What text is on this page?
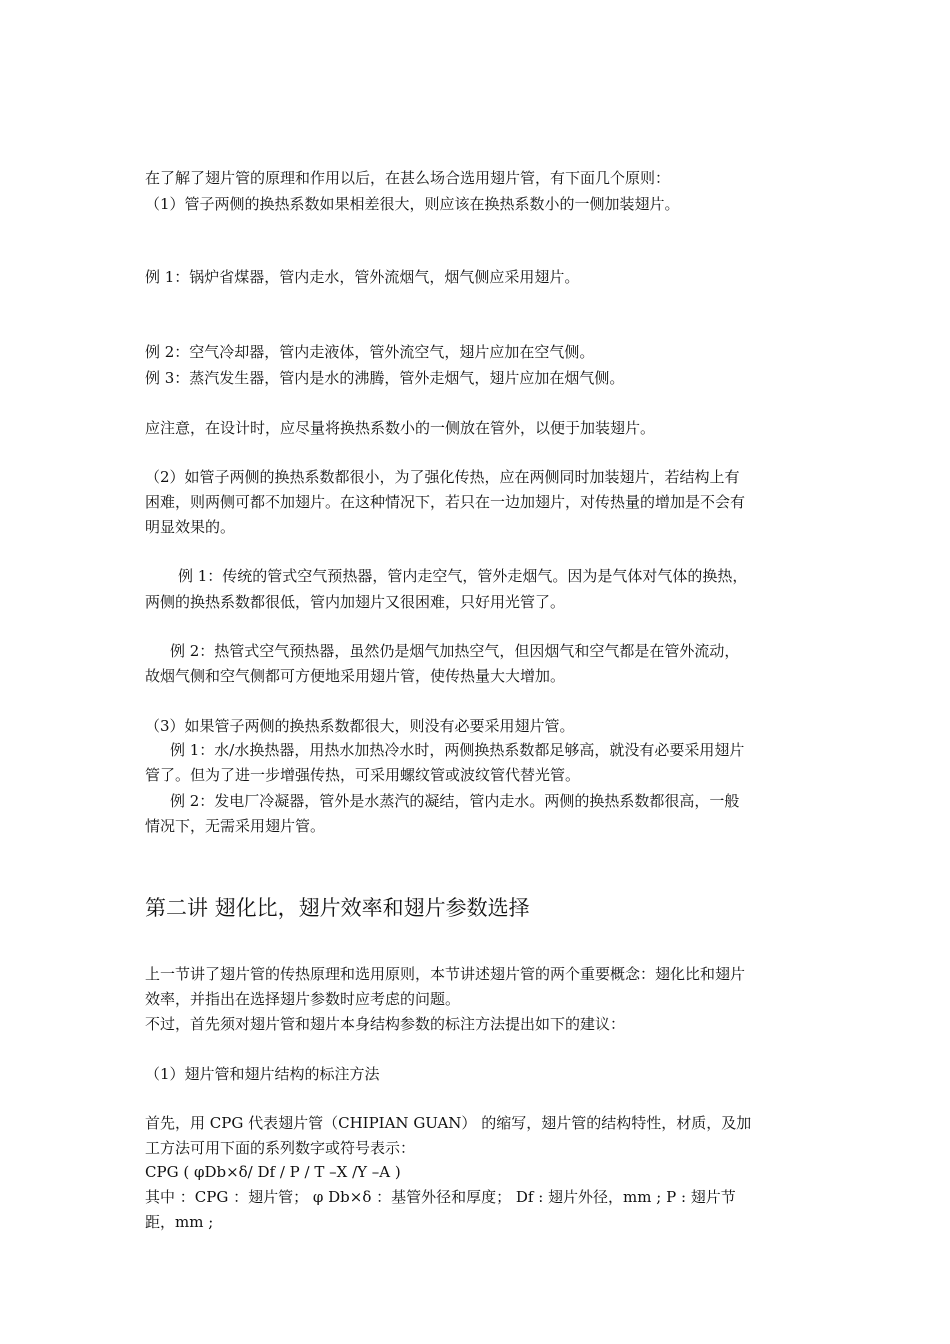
在了解了翅片管的原理和作用以后，在甚么场合选用翅片管，有下面几个原则：

（1）管子两侧的换热系数如果相差很大，则应该在换热系数小的一侧加装翅片。

例 1：锅炉省煤器，管内走水，管外流烟气，烟气侧应采用翅片。

例 2：空气冷却器，管内走液体，管外流空气，翅片应加在空气侧。

例 3：蒸汽发生器，管内是水的沸腾，管外走烟气，翅片应加在烟气侧。

应注意，在设计时，应尽量将换热系数小的一侧放在管外，以便于加装翅片。

（2）如管子两侧的换热系数都很小，为了强化传热，应在两侧同时加装翅片，若结构上有

困难，则两侧可都不加翅片。在这种情况下，若只在一边加翅片，对传热量的增加是不会有

明显效果的。

例 1：传统的管式空气预热器，管内走空气，管外走烟气。因为是气体对气体的换热，

两侧的换热系数都很低，管内加翅片又很困难，只好用光管了。

例 2：热管式空气预热器，虽然仍是烟气加热空气，但因烟气和空气都是在管外流动，

故烟气侧和空气侧都可方便地采用翅片管，使传热量大大增加。

（3）如果管子两侧的换热系数都很大，则没有必要采用翅片管。

例 1：水/水换热器，用热水加热冷水时，两侧换热系数都足够高，就没有必要采用翅片

管了。但为了进一步增强传热，可采用螺纹管或波纹管代替光管。

例 2：发电厂冷凝器，管外是水蒸汽的凝结，管内走水。两侧的换热系数都很高，一般

情况下，无需采用翅片管。

第二讲 翅化比，翅片效率和翅片参数选择

上一节讲了翅片管的传热原理和选用原则，本节讲述翅片管的两个重要概念：翅化比和翅片

效率，并指出在选择翅片参数时应考虑的问题。

不过，首先须对翅片管和翅片本身结构参数的标注方法提出如下的建议：

（1）翅片管和翅片结构的标注方法

首先，用 CPG 代表翅片管（CHIPIAN GUAN） 的缩写，翅片管的结构特性，材质，及加

工方法可用下面的系列数字或符号表示：

CPG ( φDb×δ/ Df / P / T –X /Y –A )

其中 ：CPG ：翅片管； φ Db×δ ：基管外径和厚度； Df : 翅片外径，mm ; P : 翅片节

距，mm ;
